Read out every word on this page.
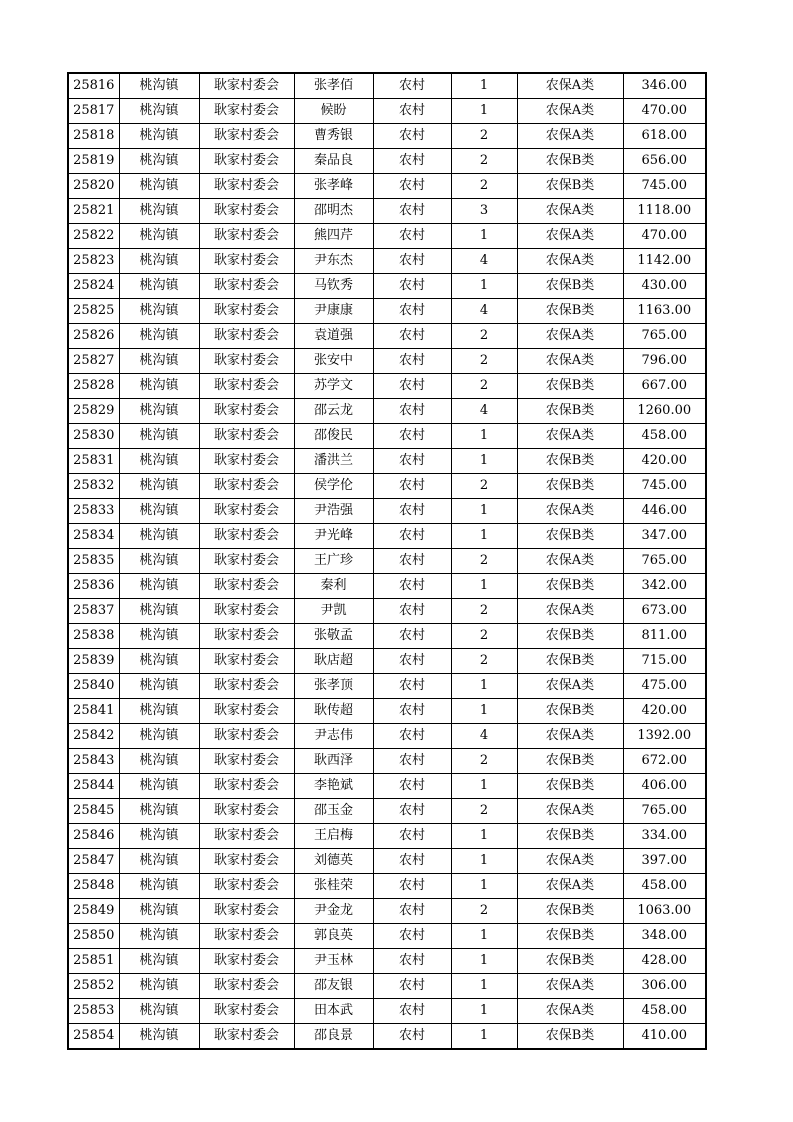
25816	桃沟镇	耿家村委会	张孝佰	农村	1	农保A类	346.00
25817	桃沟镇	耿家村委会	候盼	农村	1	农保A类	470.00
25818	桃沟镇	耿家村委会	曹秀银	农村	2	农保A类	618.00
25819	桃沟镇	耿家村委会	秦品良	农村	2	农保B类	656.00
25820	桃沟镇	耿家村委会	张孝峰	农村	2	农保B类	745.00
25821	桃沟镇	耿家村委会	邵明杰	农村	3	农保A类	1118.00
25822	桃沟镇	耿家村委会	熊四芹	农村	1	农保A类	470.00
25823	桃沟镇	耿家村委会	尹东杰	农村	4	农保A类	1142.00
25824	桃沟镇	耿家村委会	马钦秀	农村	1	农保B类	430.00
25825	桃沟镇	耿家村委会	尹康康	农村	4	农保B类	1163.00
25826	桃沟镇	耿家村委会	袁道强	农村	2	农保A类	765.00
25827	桃沟镇	耿家村委会	张安中	农村	2	农保A类	796.00
25828	桃沟镇	耿家村委会	苏学文	农村	2	农保B类	667.00
25829	桃沟镇	耿家村委会	邵云龙	农村	4	农保B类	1260.00
25830	桃沟镇	耿家村委会	邵俊民	农村	1	农保A类	458.00
25831	桃沟镇	耿家村委会	潘洪兰	农村	1	农保B类	420.00
25832	桃沟镇	耿家村委会	侯学伦	农村	2	农保B类	745.00
25833	桃沟镇	耿家村委会	尹浩强	农村	1	农保A类	446.00
25834	桃沟镇	耿家村委会	尹光峰	农村	1	农保B类	347.00
25835	桃沟镇	耿家村委会	王广珍	农村	2	农保A类	765.00
25836	桃沟镇	耿家村委会	秦利	农村	1	农保B类	342.00
25837	桃沟镇	耿家村委会	尹凯	农村	2	农保A类	673.00
25838	桃沟镇	耿家村委会	张敬孟	农村	2	农保B类	811.00
25839	桃沟镇	耿家村委会	耿店超	农村	2	农保B类	715.00
25840	桃沟镇	耿家村委会	张孝顶	农村	1	农保A类	475.00
25841	桃沟镇	耿家村委会	耿传超	农村	1	农保B类	420.00
25842	桃沟镇	耿家村委会	尹志伟	农村	4	农保A类	1392.00
25843	桃沟镇	耿家村委会	耿西泽	农村	2	农保B类	672.00
25844	桃沟镇	耿家村委会	李艳斌	农村	1	农保B类	406.00
25845	桃沟镇	耿家村委会	邵玉金	农村	2	农保A类	765.00
25846	桃沟镇	耿家村委会	王启梅	农村	1	农保B类	334.00
25847	桃沟镇	耿家村委会	刘德英	农村	1	农保A类	397.00
25848	桃沟镇	耿家村委会	张桂荣	农村	1	农保A类	458.00
25849	桃沟镇	耿家村委会	尹金龙	农村	2	农保B类	1063.00
25850	桃沟镇	耿家村委会	郭良英	农村	1	农保B类	348.00
25851	桃沟镇	耿家村委会	尹玉林	农村	1	农保B类	428.00
25852	桃沟镇	耿家村委会	邵友银	农村	1	农保A类	306.00
25853	桃沟镇	耿家村委会	田本武	农村	1	农保A类	458.00
25854	桃沟镇	耿家村委会	邵良景	农村	1	农保B类	410.00
